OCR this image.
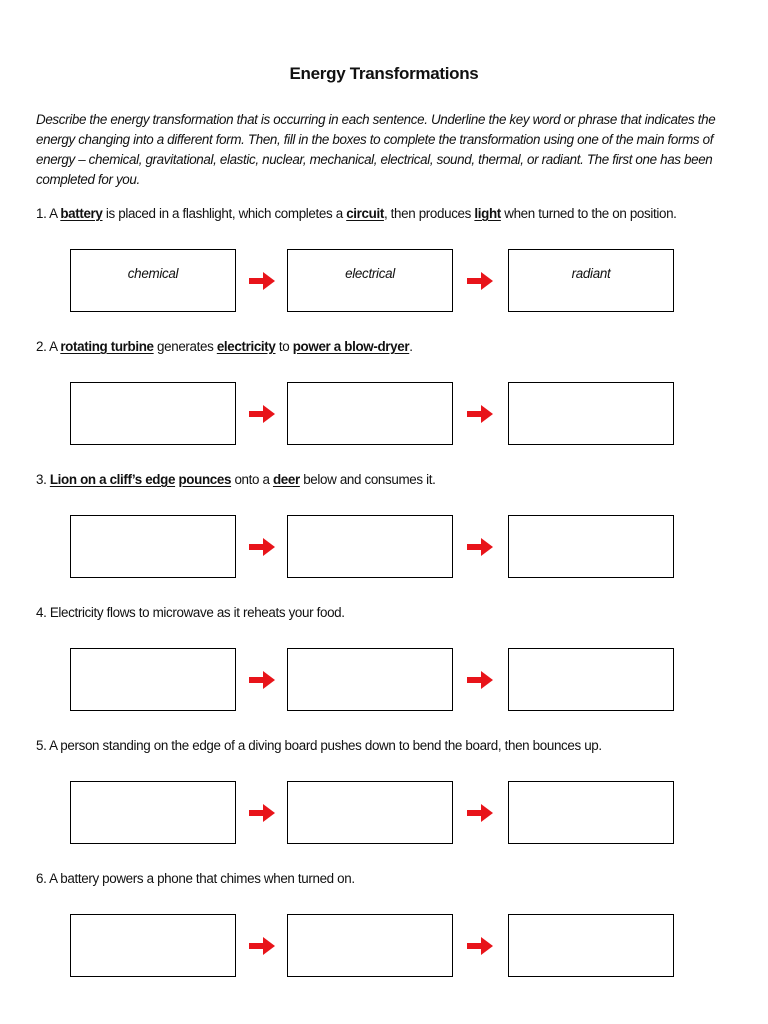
Energy Transformations
Describe the energy transformation that is occurring in each sentence. Underline the key word or phrase that indicates the energy changing into a different form. Then, fill in the boxes to complete the transformation using one of the main forms of energy – chemical, gravitational, elastic, nuclear, mechanical, electrical, sound, thermal, or radiant. The first one has been completed for you.
1. A battery is placed in a flashlight, which completes a circuit, then produces light when turned to the on position.
chemical	electrical	radiant
2. A rotating turbine generates electricity to power a blow-dryer.
3. Lion on a cliff’s edge pounces onto a deer below and consumes it.
4. Electricity flows to microwave as it reheats your food.
5. A person standing on the edge of a diving board pushes down to bend the board, then bounces up.
6. A battery powers a phone that chimes when turned on.
